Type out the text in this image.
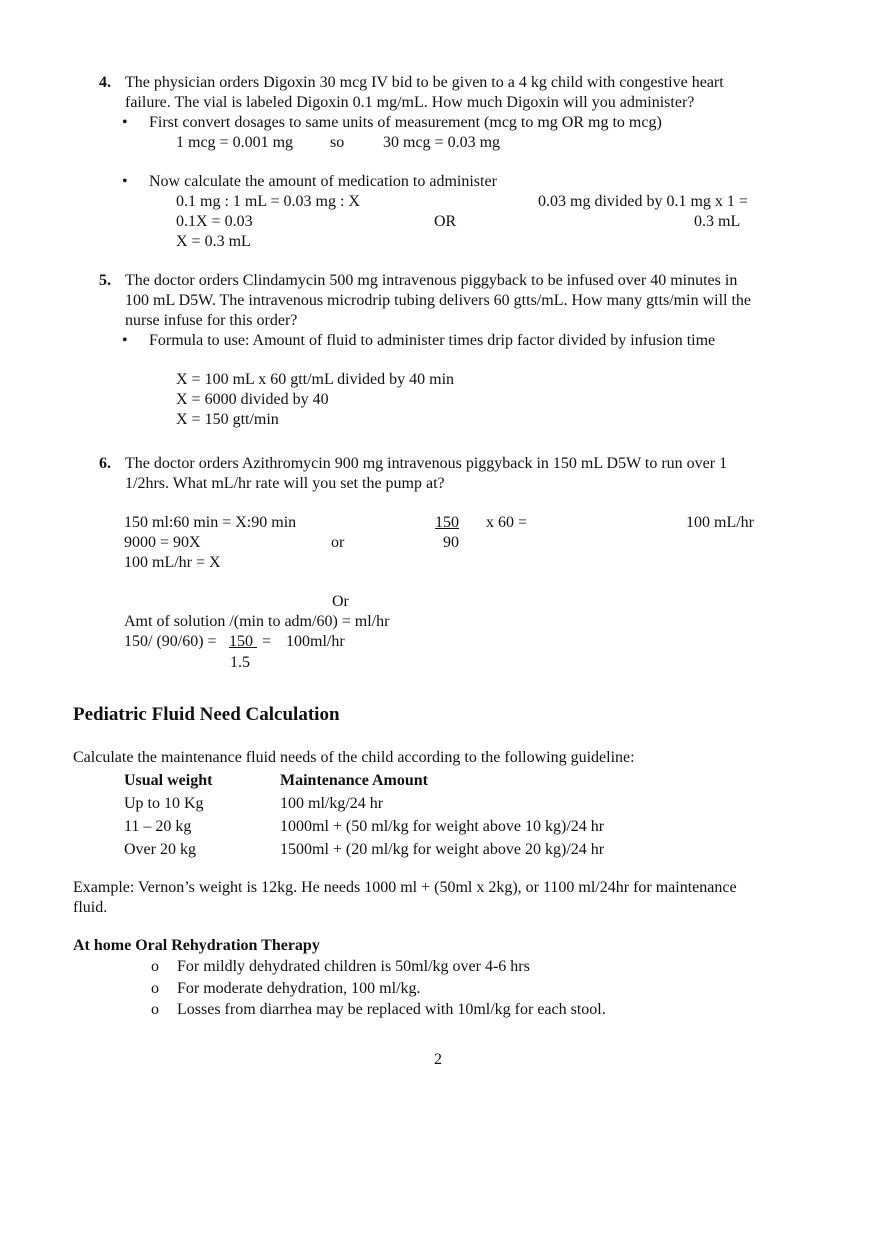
4. The physician orders Digoxin 30 mcg IV bid to be given to a 4 kg child with congestive heart
failure. The vial is labeled Digoxin 0.1 mg/mL. How much Digoxin will you administer?
• First convert dosages to same units of measurement (mcg to mg OR mg to mcg)
1 mcg = 0.001 mg so 30 mcg = 0.03 mg
• Now calculate the amount of medication to administer
0.1 mg : 1 mL = 0.03 mg : X
0.1X = 0.03
X = 0.3 mL
OR
0.03 mg divided by 0.1 mg x 1 =
0.3 mL
5. The doctor orders Clindamycin 500 mg intravenous piggyback to be infused over 40 minutes in
100 mL D5W. The intravenous microdrip tubing delivers 60 gtts/mL. How many gtts/min will the
nurse infuse for this order?
• Formula to use: Amount of fluid to administer times drip factor divided by infusion time
X = 100 mL x 60 gtt/mL divided by 40 min
X = 6000 divided by 40
X = 150 gtt/min
6. The doctor orders Azithromycin 900 mg intravenous piggyback in 150 mL D5W to run over 1
1/2hrs. What mL/hr rate will you set the pump at?
150 ml:60 min = X:90 min
9000 = 90X
100 mL/hr = X
or
150
90
x 60 =	100 mL/hr
Or
Amt of solution /(min to adm/60) = ml/hr
150/ (90/60) = 150 = 100ml/hr
1.5
Pediatric Fluid Need Calculation
Calculate the maintenance fluid needs of the child according to the following guideline:
Usual weight	Maintenance Amount
Up to 10 Kg	100 ml/kg/24 hr
11 – 20 kg	1000ml + (50 ml/kg for weight above 10 kg)/24 hr
Over 20 kg	1500ml + (20 ml/kg for weight above 20 kg)/24 hr
Example: Vernon’s weight is 12kg. He needs 1000 ml + (50ml x 2kg), or 1100 ml/24hr for maintenance
fluid.
At home Oral Rehydration Therapy
o For mildly dehydrated children is 50ml/kg over 4-6 hrs
o For moderate dehydration, 100 ml/kg.
o Losses from diarrhea may be replaced with 10ml/kg for each stool.
2
